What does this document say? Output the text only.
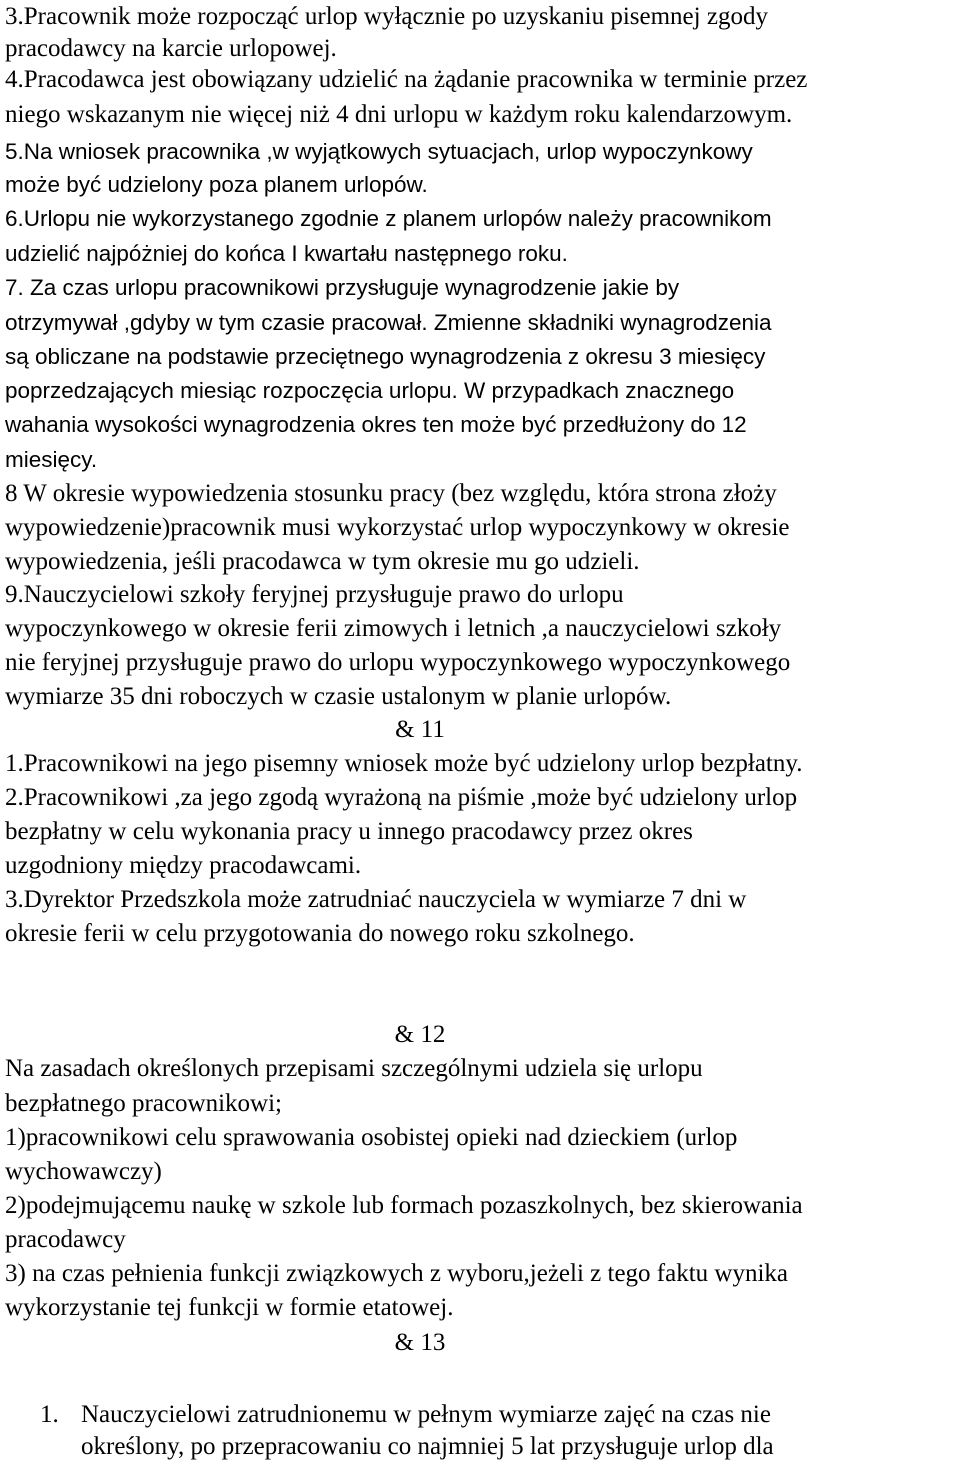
3.Pracownik może rozpocząć urlop wyłącznie po uzyskaniu pisemnej zgody

pracodawcy na karcie urlopowej.

4.Pracodawca jest obowiązany udzielić na żądanie pracownika w terminie przez

niego wskazanym nie więcej niż 4 dni urlopu w każdym roku kalendarzowym.

5.Na wniosek pracownika ,w wyjątkowych sytuacjach, urlop wypoczynkowy

może być udzielony poza planem urlopów.

6.Urlopu nie wykorzystanego zgodnie z planem urlopów należy pracownikom

udzielić najpóżniej do końca I kwartału następnego roku.

7. Za czas urlopu pracownikowi przysługuje wynagrodzenie jakie by

otrzymywał ,gdyby w tym czasie pracował. Zmienne składniki wynagrodzenia

są obliczane na podstawie przeciętnego wynagrodzenia z okresu 3 miesięcy

poprzedzających miesiąc rozpoczęcia urlopu. W przypadkach znacznego

wahania wysokości wynagrodzenia okres ten może być przedłużony do 12

miesięcy.

8 W okresie wypowiedzenia stosunku pracy (bez względu, która strona złoży

wypowiedzenie)pracownik musi wykorzystać urlop wypoczynkowy w okresie

wypowiedzenia, jeśli pracodawca w tym okresie mu go udzieli.

9.Nauczycielowi szkoły feryjnej przysługuje prawo do urlopu

wypoczynkowego w okresie ferii zimowych i letnich ,a nauczycielowi szkoły

nie feryjnej przysługuje prawo do urlopu wypoczynkowego wypoczynkowego

wymiarze 35 dni roboczych w czasie ustalonym w planie urlopów.

& 11

1.Pracownikowi na jego pisemny wniosek może być udzielony urlop bezpłatny.

2.Pracownikowi ,za jego zgodą wyrażoną na piśmie ,może być udzielony urlop

bezpłatny w celu wykonania pracy u innego pracodawcy przez okres

uzgodniony między pracodawcami.

3.Dyrektor Przedszkola może zatrudniać nauczyciela w wymiarze 7 dni w

okresie ferii w celu przygotowania do nowego roku szkolnego.

& 12

Na zasadach określonych przepisami szczególnymi udziela się urlopu

bezpłatnego pracownikowi;

1)pracownikowi celu sprawowania osobistej opieki nad dzieckiem (urlop

wychowawczy)

2)podejmującemu naukę w szkole lub formach pozaszkolnych, bez skierowania

pracodawcy

3) na czas pełnienia funkcji związkowych z wyboru,jeżeli z tego faktu wynika

wykorzystanie tej funkcji w formie etatowej.

& 13

1. Nauczycielowi zatrudnionemu w pełnym wymiarze zajęć na czas nie

określony, po przepracowaniu co najmniej 5 lat przysługuje urlop dla
